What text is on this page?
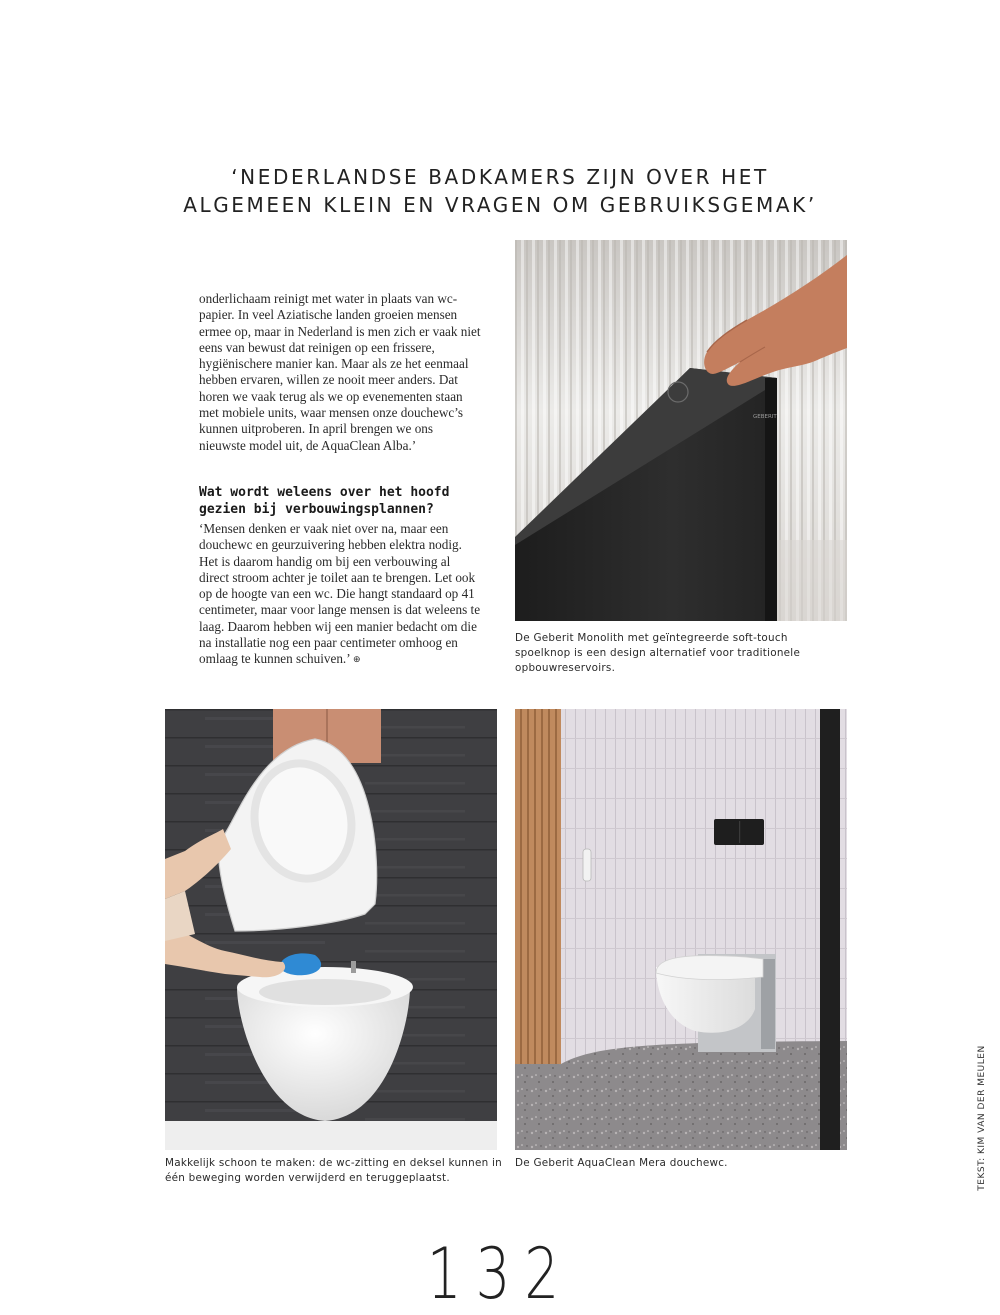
‘NEDERLANDSE BADKAMERS ZIJN OVER HET
ALGEMEEN KLEIN EN VRAGEN OM GEBRUIKSGEMAK’

onderlichaam reinigt met water in plaats van wc-papier. In veel Aziatische landen groeien mensen ermee op, maar in Nederland is men zich er vaak niet eens van bewust dat reinigen op een frissere, hygiënischere manier kan. Maar als ze het eenmaal hebben ervaren, willen ze nooit meer anders. Dat horen we vaak terug als we op evenementen staan met mobiele units, waar mensen onze douchewc’s kunnen uitproberen. In april brengen we ons nieuwste model uit, de AquaClean Alba.’

Wat wordt weleens over het hoofd gezien bij verbouwingsplannen?

‘Mensen denken er vaak niet over na, maar een douchewc en geurzuivering hebben elektra nodig. Het is daarom handig om bij een verbouwing al direct stroom achter je toilet aan te brengen. Let ook op de hoogte van een wc. Die hangt standaard op 41 centimeter, maar voor lange mensen is dat weleens te laag. Daarom hebben wij een manier bedacht om die na installatie nog een paar centimeter omhoog en omlaag te kunnen schuiven.’ ⊕

GEBERIT

De Geberit Monolith met geïntegreerde soft-touch spoelknop is een design alternatief voor traditionele opbouwreservoirs.

Makkelijk schoon te maken: de wc-zitting en deksel kunnen in één beweging worden verwijderd en teruggeplaatst.

De Geberit AquaClean Mera douchewc.	TEKST: KIM VAN DER MEULEN
132
